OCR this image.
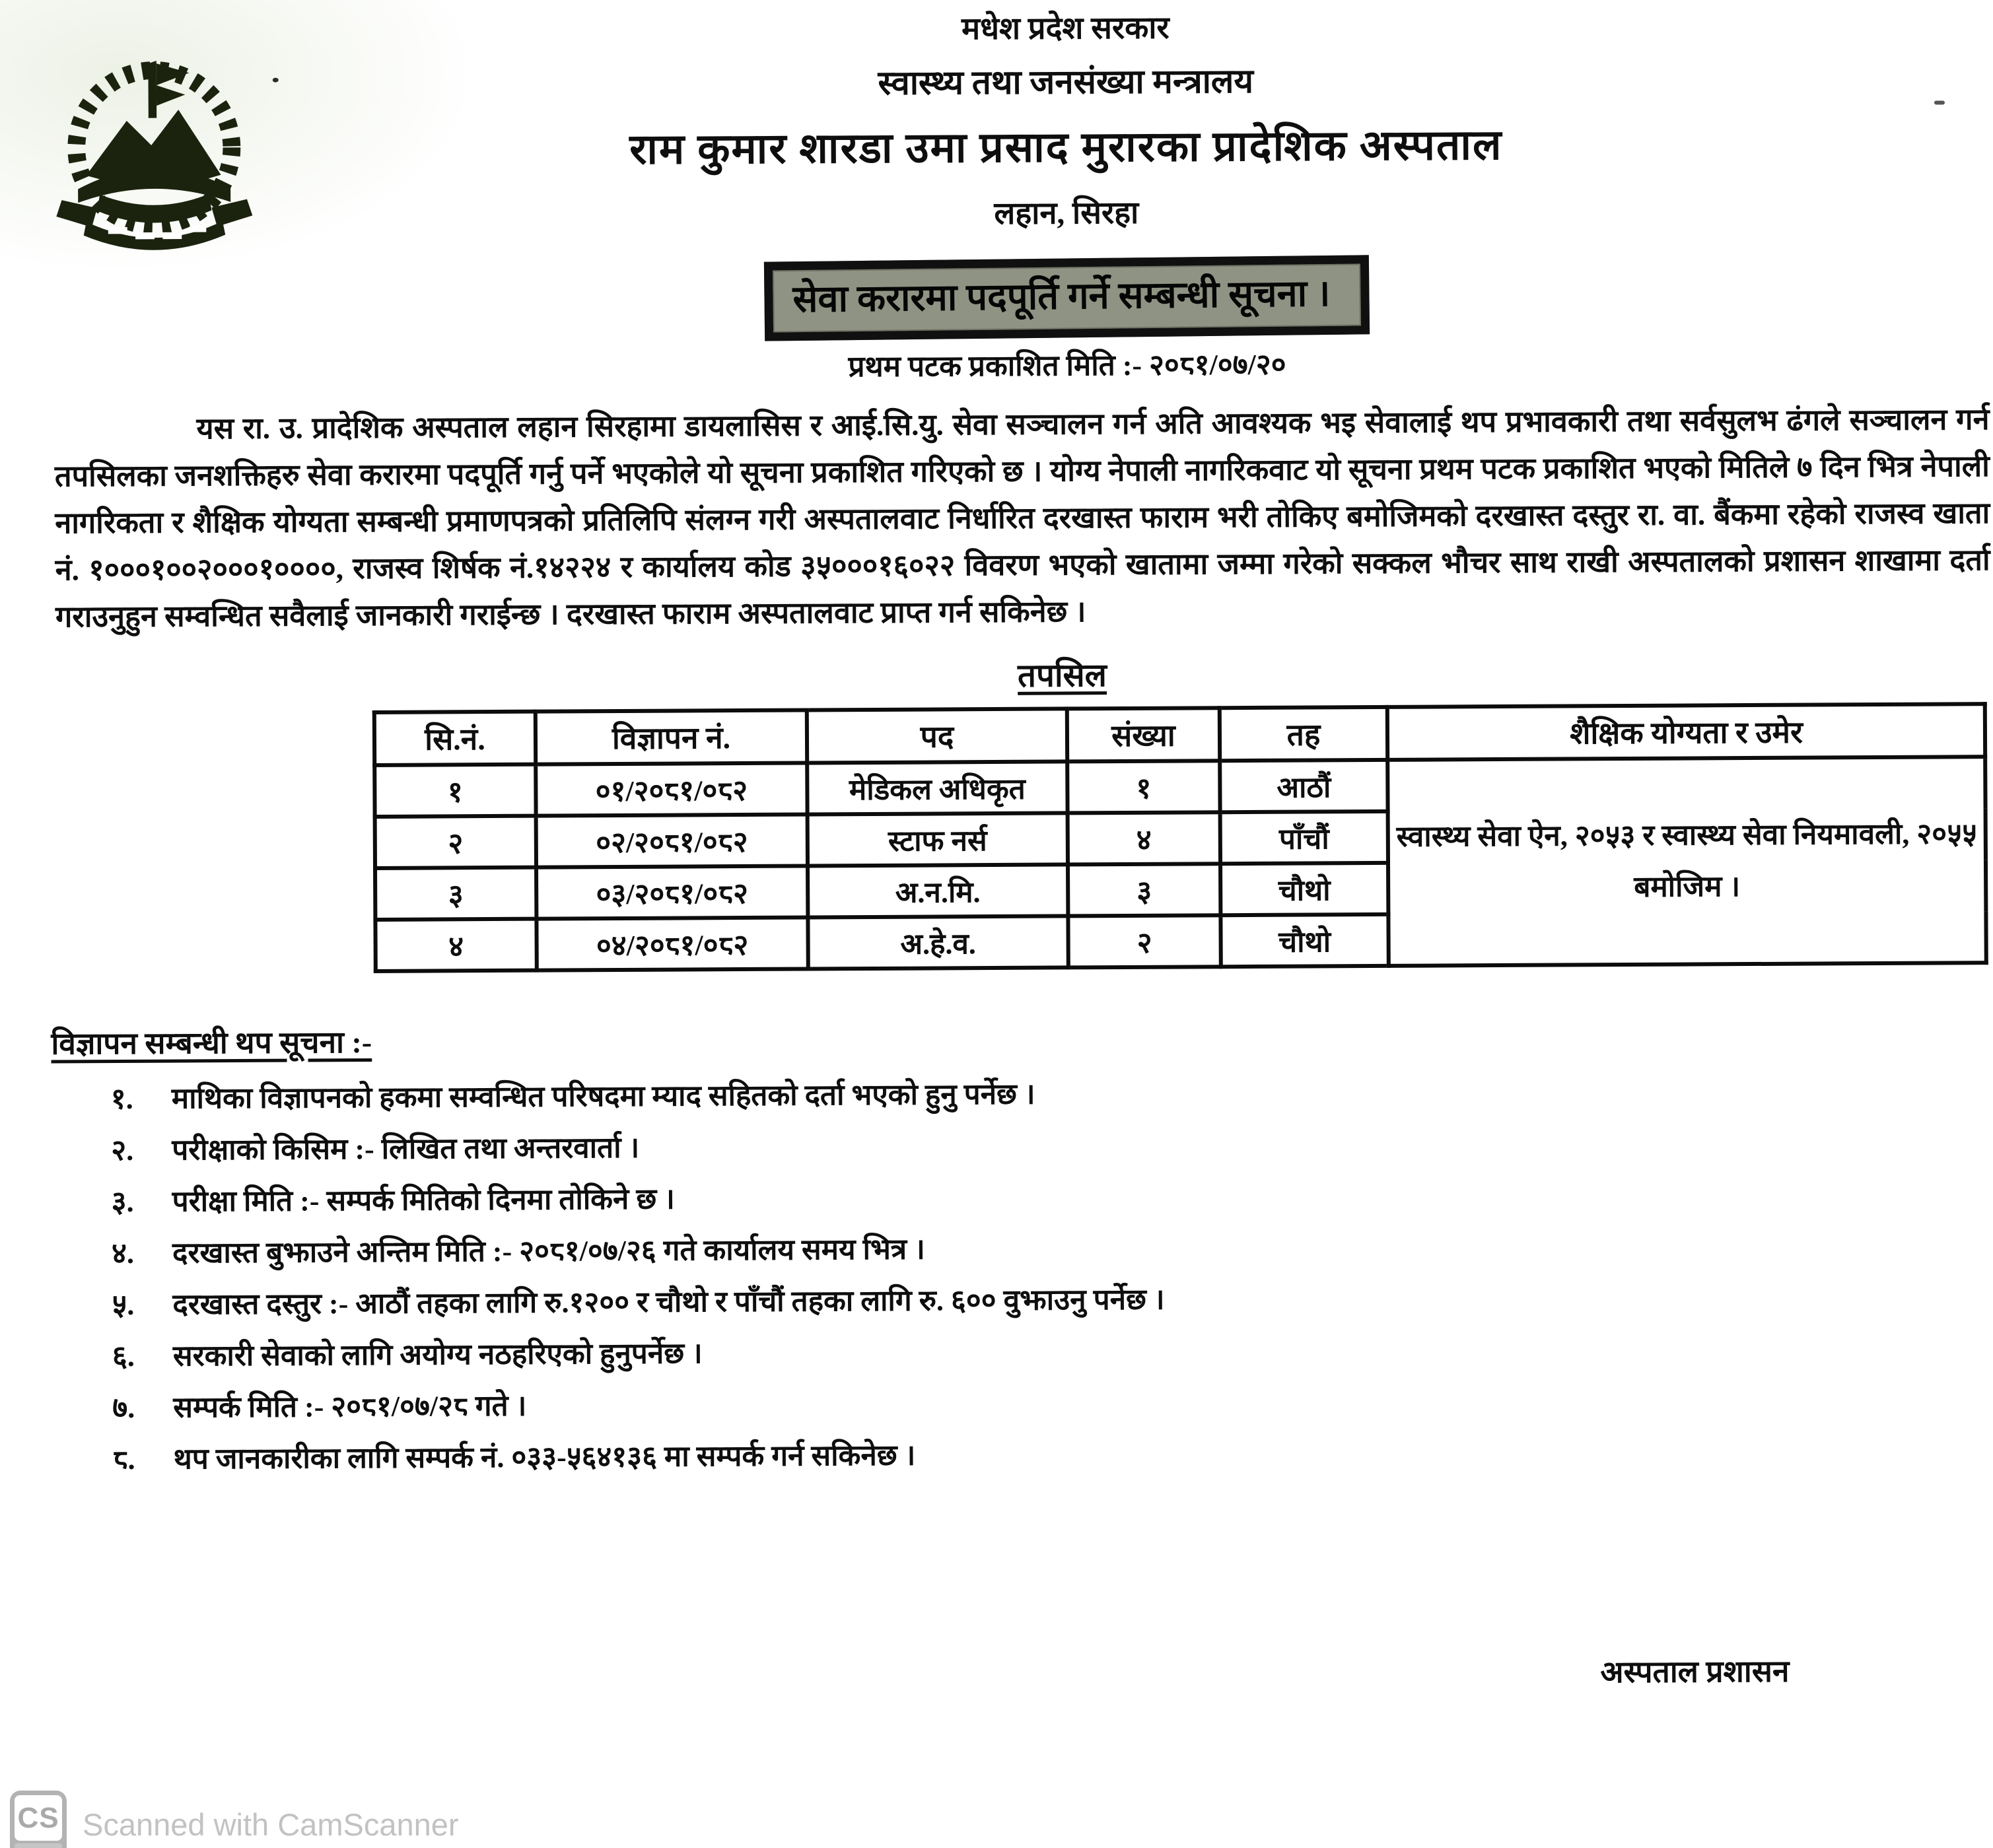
मधेश प्रदेश सरकार
स्वास्थ्य तथा जनसंख्या मन्त्रालय
राम कुमार शारडा उमा प्रसाद मुरारका प्रादेशिक अस्पताल
लहान, सिरहा
सेवा करारमा पदपूर्ति गर्ने सम्बन्धी सूचना ।
प्रथम पटक प्रकाशित मिति :- २०८१/०७/२०
यस रा. उ. प्रादेशिक अस्पताल लहान सिरहामा डायलासिस र आई.सि.यु. सेवा सञ्चालन गर्न अति आवश्यक भइ सेवालाई थप प्रभावकारी तथा सर्वसुलभ ढंगले सञ्चालन गर्न तपसिलका जनशक्तिहरु सेवा करारमा पदपूर्ति गर्नु पर्ने भएकोले यो सूचना प्रकाशित गरिएको छ । योग्य नेपाली नागरिकवाट यो सूचना प्रथम पटक प्रकाशित भएको मितिले ७ दिन भित्र नेपाली नागरिकता र शैक्षिक योग्यता सम्बन्धी प्रमाणपत्रको प्रतिलिपि संलग्न गरी अस्पतालवाट निर्धारित दरखास्त फाराम भरी तोकिए बमोजिमको दरखास्त दस्तुर रा. वा. बैंकमा रहेको राजस्व खाता नं. १०००१००२०००१००००, राजस्व शिर्षक नं.१४२२४ र कार्यालय कोड ३५०००१६०२२ विवरण भएको खातामा जम्मा गरेको सक्कल भौचर साथ राखी अस्पतालको प्रशासन शाखामा दर्ता गराउनुहुन सम्वन्धित सवैलाई जानकारी गराईन्छ । दरखास्त फाराम अस्पतालवाट प्राप्त गर्न सकिनेछ ।
तपसिल
सि.नं.	विज्ञापन नं.	पद	संख्या	तह	शैक्षिक योग्यता र उमेर
१	०१/२०८१/०८२	मेडिकल अधिकृत	१	आठौं	स्वास्थ्य सेवा ऐन, २०५३ र स्वास्थ्य सेवा नियमावली, २०५५ बमोजिम ।
२	०२/२०८१/०८२	स्टाफ नर्स	४	पाँचौं	
३	०३/२०८१/०८२	अ.न.मि.	३	चौथो	
४	०४/२०८१/०८२	अ.हे.व.	२	चौथो	
विज्ञापन सम्बन्धी थप सूचना :-
१.	माथिका विज्ञापनको हकमा सम्वन्धित परिषदमा म्याद सहितको दर्ता भएको हुनु पर्नेछ ।
२.	परीक्षाको किसिम :- लिखित तथा अन्तरवार्ता ।
३.	परीक्षा मिति :- सम्पर्क मितिको दिनमा तोकिने छ ।
४.	दरखास्त बुझाउने अन्तिम मिति :- २०८१/०७/२६ गते कार्यालय समय भित्र ।
५.	दरखास्त दस्तुर :- आठौं तहका लागि रु.१२०० र चौथो र पाँचौं तहका लागि रु. ६०० वुझाउनु पर्नेछ ।
६.	सरकारी सेवाको लागि अयोग्य नठहरिएको हुनुपर्नेछ ।
७.	सम्पर्क मिति :- २०८१/०७/२८ गते ।
८.	थप जानकारीका लागि सम्पर्क नं. ०३३-५६४१३६ मा सम्पर्क गर्न सकिनेछ ।
अस्पताल प्रशासन
CS Scanned with CamScanner
